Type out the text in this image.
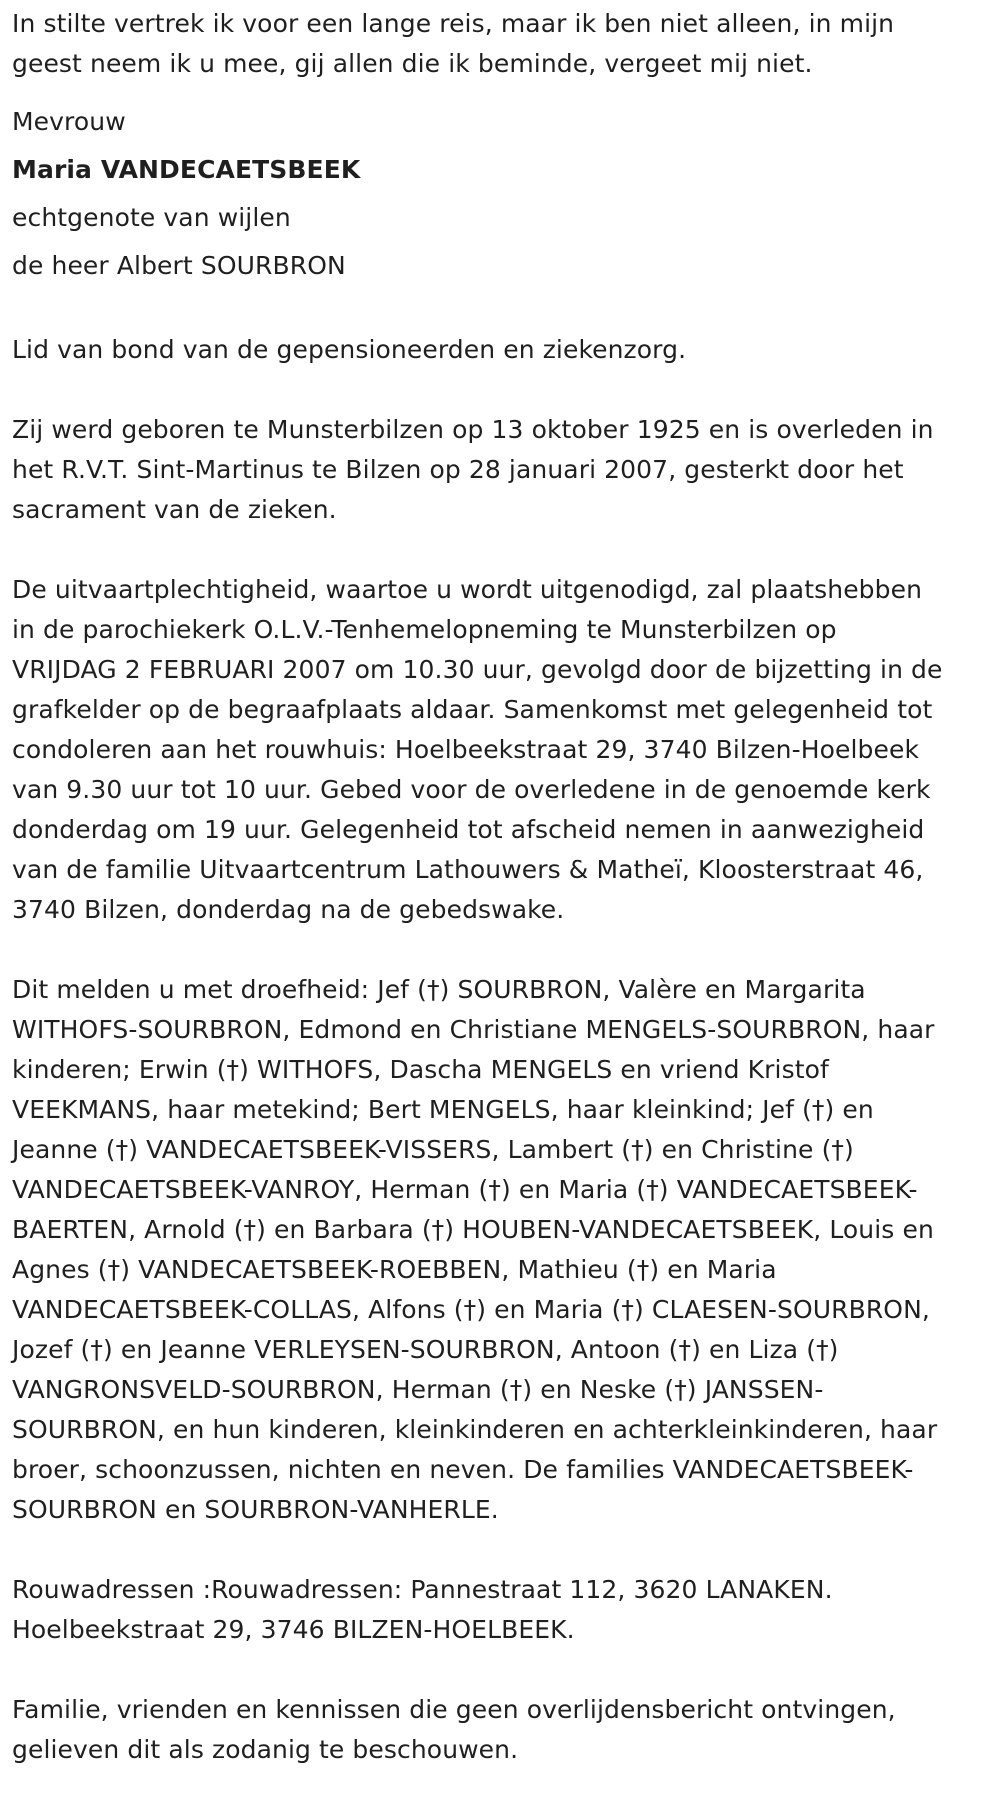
In stilte vertrek ik voor een lange reis, maar ik ben niet alleen, in mijn
geest neem ik u mee, gij allen die ik beminde, vergeet mij niet.

Mevrouw

Maria VANDECAETSBEEK

echtgenote van wijlen

de heer Albert SOURBRON

Lid van bond van de gepensioneerden en ziekenzorg.

Zij werd geboren te Munsterbilzen op 13 oktober 1925 en is overleden in
het R.V.T. Sint-Martinus te Bilzen op 28 januari 2007, gesterkt door het
sacrament van de zieken.

De uitvaartplechtigheid, waartoe u wordt uitgenodigd, zal plaatshebben
in de parochiekerk O.L.V.-Tenhemelopneming te Munsterbilzen op
VRIJDAG 2 FEBRUARI 2007 om 10.30 uur, gevolgd door de bijzetting in de
grafkelder op de begraafplaats aldaar. Samenkomst met gelegenheid tot
condoleren aan het rouwhuis: Hoelbeekstraat 29, 3740 Bilzen-Hoelbeek
van 9.30 uur tot 10 uur. Gebed voor de overledene in de genoemde kerk
donderdag om 19 uur. Gelegenheid tot afscheid nemen in aanwezigheid
van de familie Uitvaartcentrum Lathouwers & Matheï, Kloosterstraat 46,
3740 Bilzen, donderdag na de gebedswake.

Dit melden u met droefheid: Jef (†) SOURBRON, Valère en Margarita
WITHOFS-SOURBRON, Edmond en Christiane MENGELS-SOURBRON, haar
kinderen; Erwin (†) WITHOFS, Dascha MENGELS en vriend Kristof
VEEKMANS, haar metekind; Bert MENGELS, haar kleinkind; Jef (†) en
Jeanne (†) VANDECAETSBEEK-VISSERS, Lambert (†) en Christine (†)
VANDECAETSBEEK-VANROY, Herman (†) en Maria (†) VANDECAETSBEEK-
BAERTEN, Arnold (†) en Barbara (†) HOUBEN-VANDECAETSBEEK, Louis en
Agnes (†) VANDECAETSBEEK-ROEBBEN, Mathieu (†) en Maria
VANDECAETSBEEK-COLLAS, Alfons (†) en Maria (†) CLAESEN-SOURBRON,
Jozef (†) en Jeanne VERLEYSEN-SOURBRON, Antoon (†) en Liza (†)
VANGRONSVELD-SOURBRON, Herman (†) en Neske (†) JANSSEN-
SOURBRON, en hun kinderen, kleinkinderen en achterkleinkinderen, haar
broer, schoonzussen, nichten en neven. De families VANDECAETSBEEK-
SOURBRON en SOURBRON-VANHERLE.

Rouwadressen :Rouwadressen: Pannestraat 112, 3620 LANAKEN.
Hoelbeekstraat 29, 3746 BILZEN-HOELBEEK.

Familie, vrienden en kennissen die geen overlijdensbericht ontvingen,
gelieven dit als zodanig te beschouwen.
